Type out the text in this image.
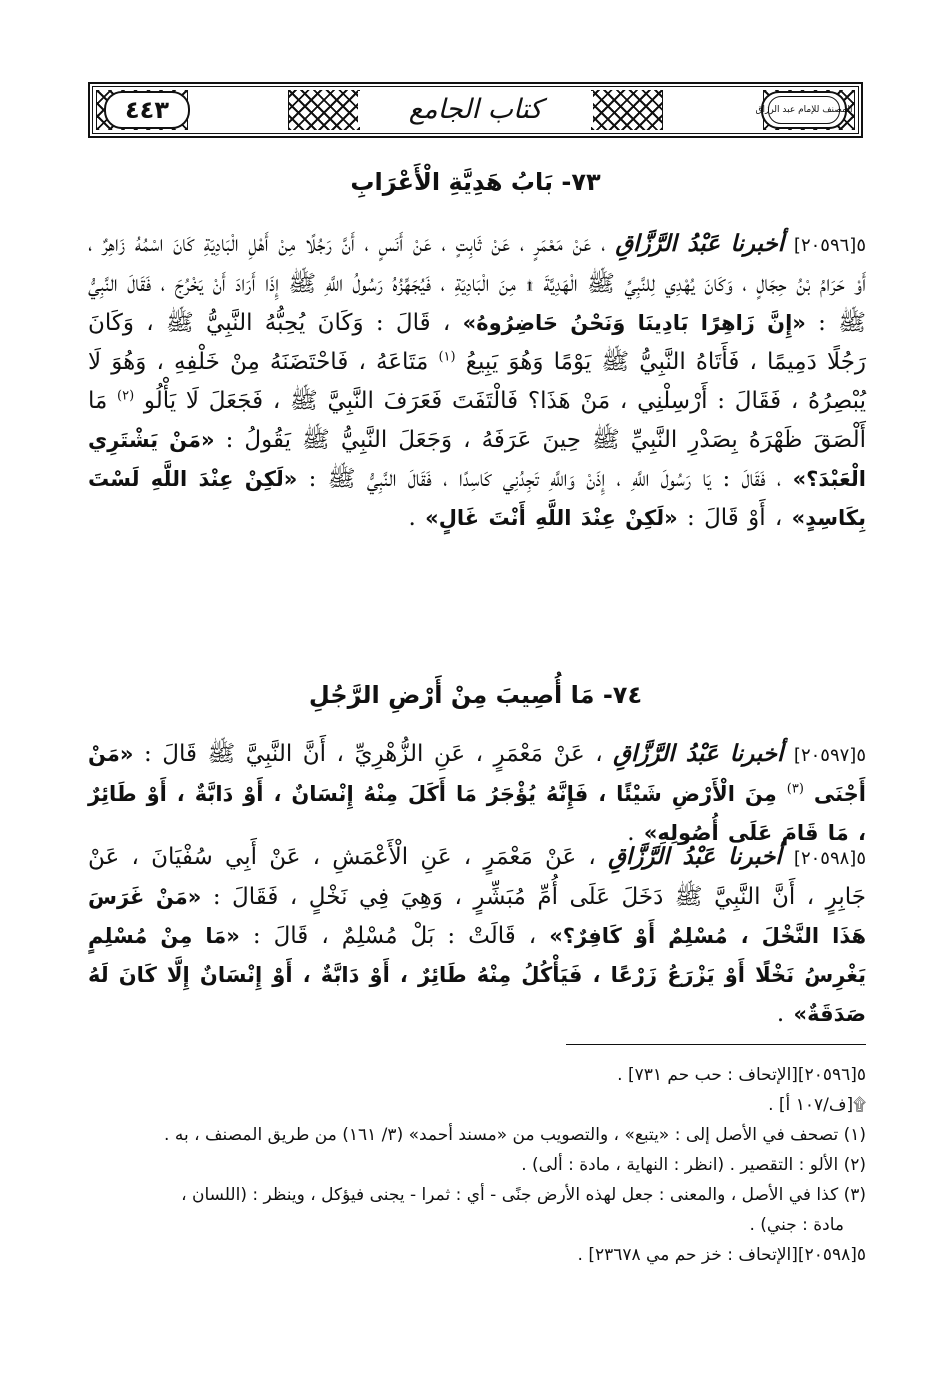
٤٤٣	كتاب الجامع	المصنف للإمام عبد الرزاق
٧٣- بَابُ هَدِيَّةِ الْأَعْرَابِ
٥[٢٠٥٩٦] أخبرنا عَبْدُ الرَّزَّاقِ ، عَنْ مَعْمَرٍ ، عَنْ ثَابِتٍ ، عَنْ أَنَسٍ ، أَنَّ رَجُلًا مِنْ أَهْلِ الْبَادِيَةِ كَانَ اسْمُهُ زَاهِرٌ ، أَوْ حَرَامُ بْنُ حِجَالٍ ، وَكَانَ يُهْدِي لِلنَّبِيِّ ﷺ الْهَدِيَّةَ ۩ مِنَ الْبَادِيَةِ ، فَيُجَهِّزُهُ رَسُولُ اللَّهِ ﷺ إِذَا أَرَادَ أَنْ يَخْرُجَ ، فَقَالَ النَّبِيُّ ﷺ : «إِنَّ زَاهِرًا بَادِينَا وَنَحْنُ حَاضِرُوهُ» ، قَالَ : وَكَانَ يُحِبُّهُ النَّبِيُّ ﷺ ، وَكَانَ رَجُلًا دَمِيمًا ، فَأَتَاهُ النَّبِيُّ ﷺ يَوْمًا وَهُوَ يَبِيعُ $^{(١)}$ مَتَاعَهُ ، فَاحْتَضَنَهُ مِنْ خَلْفِهِ ، وَهُوَ لَا يُبْصِرُهُ ، فَقَالَ : أَرْسِلْنِي ، مَنْ هَذَا؟ فَالْتَفَتَ فَعَرَفَ النَّبِيَّ ﷺ ، فَجَعَلَ لَا يَأْلُو $^{(٢)}$ مَا أَلْصَقَ ظَهْرَهُ بِصَدْرِ النَّبِيِّ ﷺ حِينَ عَرَفَهُ ، وَجَعَلَ النَّبِيُّ ﷺ يَقُولُ : «مَنْ يَشْتَرِي الْعَبْدَ؟» ، فَقَالَ : يَا رَسُولَ اللَّهِ ، إِذَنْ وَاللَّهِ تَجِدُنِي كَاسِدًا ، فَقَالَ النَّبِيُّ ﷺ : «لَكِنْ عِنْدَ اللَّهِ لَسْتَ بِكَاسِدٍ» ، أَوْ قَالَ : «لَكِنْ عِنْدَ اللَّهِ أَنْتَ غَالٍ» .
٧٤- مَا أُصِيبَ مِنْ أَرْضِ الرَّجُلِ
٥[٢٠٥٩٧] أخبرنا عَبْدُ الرَّزَّاقِ ، عَنْ مَعْمَرٍ ، عَنِ الزُّهْرِيِّ ، أَنَّ النَّبِيَّ ﷺ قَالَ : «مَنْ أَجْنَى $^{(٣)}$ مِنَ الْأَرْضِ شَيْئًا ، فَإِنَّهُ يُؤْجَرُ مَا أَكَلَ مِنْهُ إِنْسَانٌ ، أَوْ دَابَّةٌ ، أَوْ طَائِرٌ ، مَا قَامَ عَلَى أُصُولِهِ» .
٥[٢٠٥٩٨] أخبرنا عَبْدُ الرَّزَّاقِ ، عَنْ مَعْمَرٍ ، عَنِ الْأَعْمَشِ ، عَنْ أَبِي سُفْيَانَ ، عَنْ جَابِرٍ ، أَنَّ النَّبِيَّ ﷺ دَخَلَ عَلَى أُمِّ مُبَشِّرٍ ، وَهِيَ فِي نَخْلٍ ، فَقَالَ : «مَنْ غَرَسَ هَذَا النَّخْلَ ، مُسْلِمٌ أَوْ كَافِرٌ؟» ، قَالَتْ : بَلْ مُسْلِمٌ ، قَالَ : «مَا مِنْ مُسْلِمٍ يَغْرِسُ نَخْلًا أَوْ يَزْرَعُ زَرْعًا ، فَيَأْكُلُ مِنْهُ طَائِرٌ ، أَوْ دَابَّةٌ ، أَوْ إِنْسَانٌ إِلَّا كَانَ لَهُ صَدَقَةٌ» .

٥[٢٠٥٩٦][الإتحاف : حب حم ٧٣١] .

۩[ف/١٠٧ أ] .

(١) تصحف في الأصل إلى : «يتبع» ، والتصويب من «مسند أحمد» (٣/ ١٦١) من طريق المصنف ، به .

(٢) الألو : التقصير . (انظر : النهاية ، مادة : ألى) .

(٣) كذا في الأصل ، والمعنى : جعل لهذه الأرض جنًى - أي : ثمرا - يجنى فيؤكل ، وينظر : (اللسان ،

مادة : جني) .

٥[٢٠٥٩٨][الإتحاف : خز حم مي ٢٣٦٧٨] .
